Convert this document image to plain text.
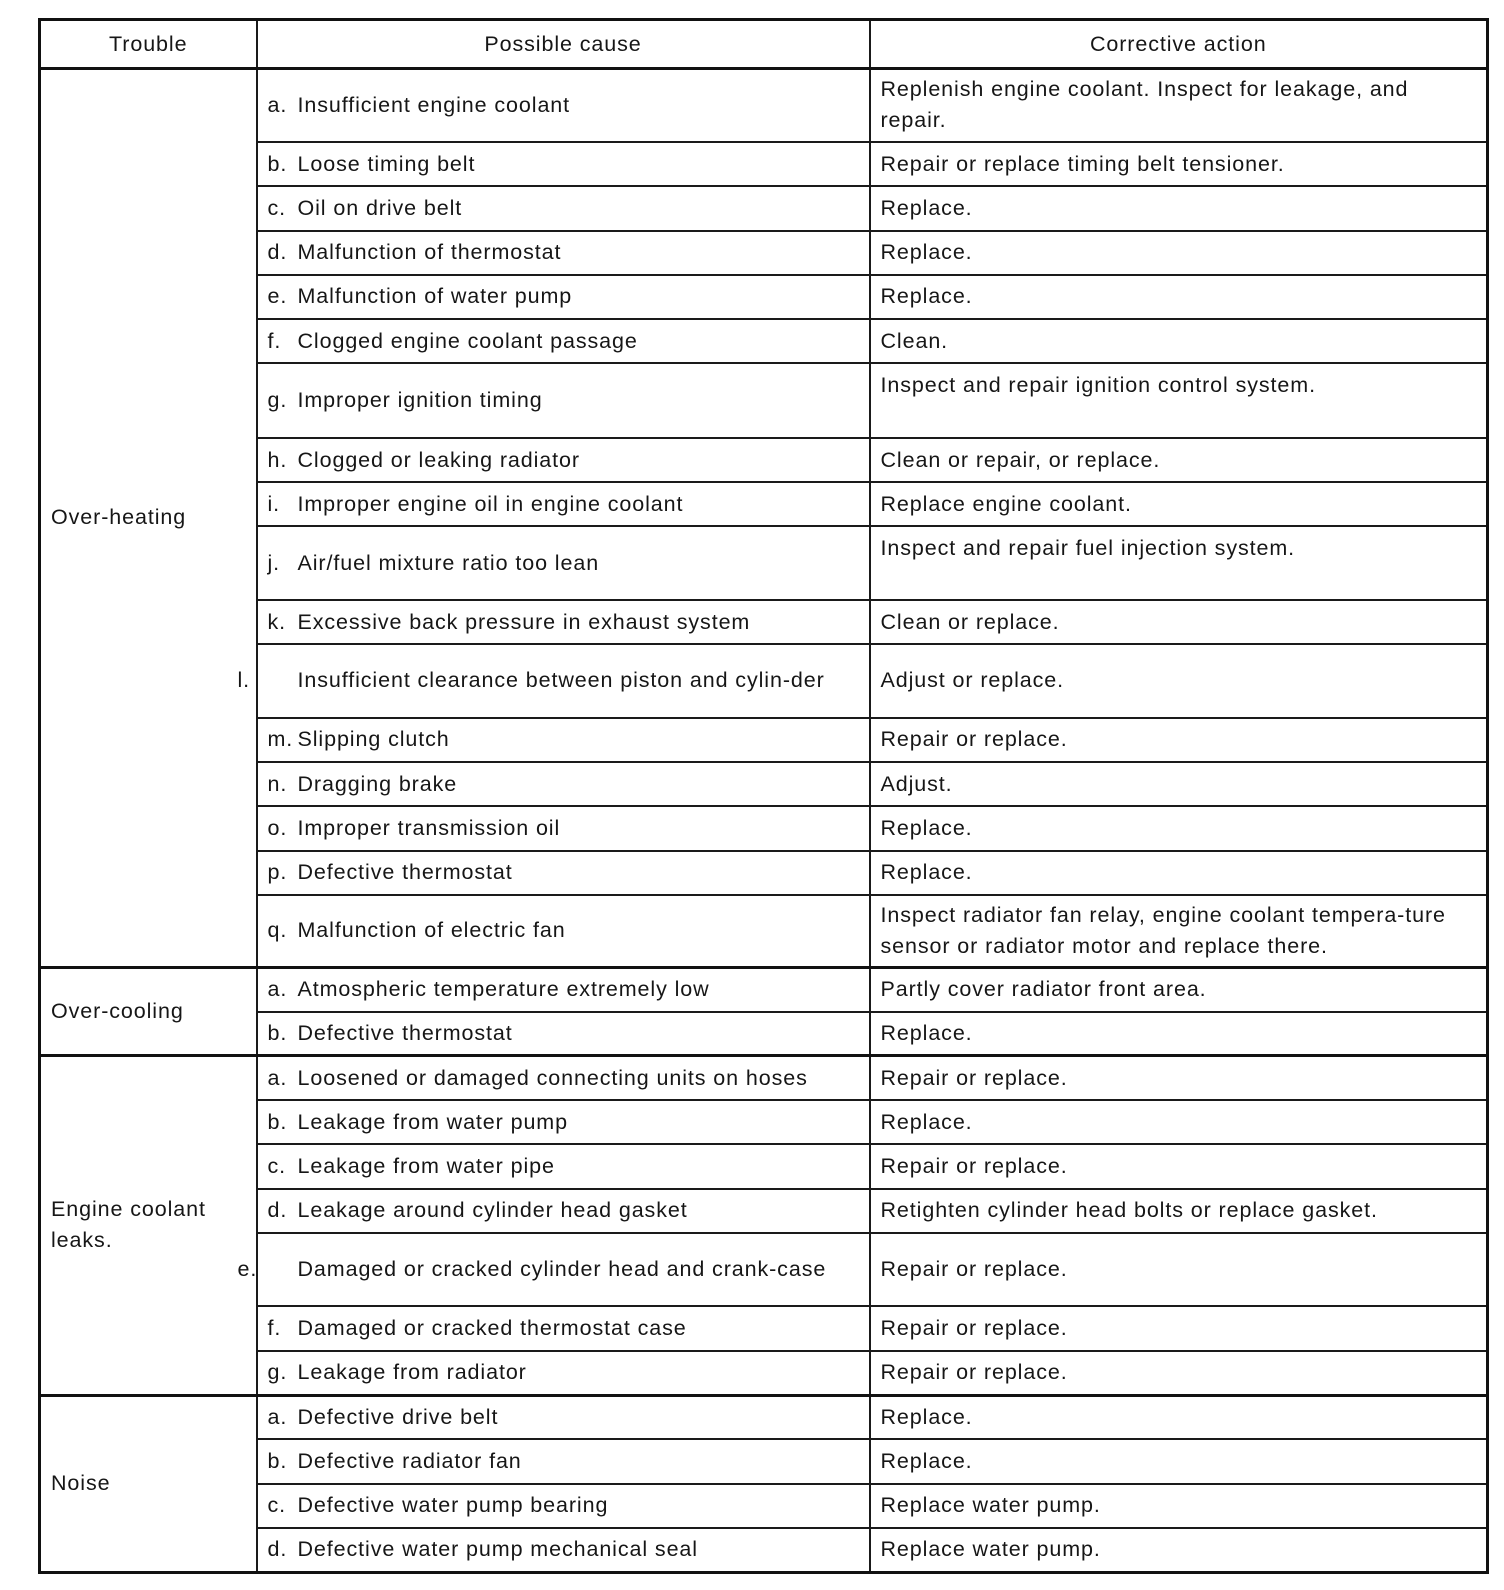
Trouble	Possible cause	Corrective action
Over-heating	a. Insufficient engine coolant	Replenish engine coolant. Inspect for leakage, and repair.
	b. Loose timing belt	Repair or replace timing belt tensioner.
	c. Oil on drive belt	Replace.
	d. Malfunction of thermostat	Replace.
	e. Malfunction of water pump	Replace.
	f. Clogged engine coolant passage	Clean.
	g. Improper ignition timing	Inspect and repair ignition control system.
	h. Clogged or leaking radiator	Clean or repair, or replace.
	i. Improper engine oil in engine coolant	Replace engine coolant.
	j. Air/fuel mixture ratio too lean	Inspect and repair fuel injection system.
	k. Excessive back pressure in exhaust system	Clean or replace.

	l. Insufficient clearance between piston and cylin-der	Adjust or replace.
	m. Slipping clutch	Repair or replace.
	n. Dragging brake	Adjust.
	o. Improper transmission oil	Replace.
	p. Defective thermostat	Replace.
	q. Malfunction of electric fan	Inspect radiator fan relay, engine coolant tempera-ture sensor or radiator motor and replace there.
Over-cooling	a. Atmospheric temperature extremely low	Partly cover radiator front area.
	b. Defective thermostat	Replace.
Engine coolant leaks.	a. Loosened or damaged connecting units on hoses	Repair or replace.
	b. Leakage from water pump	Replace.
	c. Leakage from water pipe	Repair or replace.
	d. Leakage around cylinder head gasket	Retighten cylinder head bolts or replace gasket.

	e. Damaged or cracked cylinder head and crank-case	Repair or replace.
	f. Damaged or cracked thermostat case	Repair or replace.
	g. Leakage from radiator	Repair or replace.
Noise	a. Defective drive belt	Replace.
	b. Defective radiator fan	Replace.
	c. Defective water pump bearing	Replace water pump.
	d. Defective water pump mechanical seal	Replace water pump.
